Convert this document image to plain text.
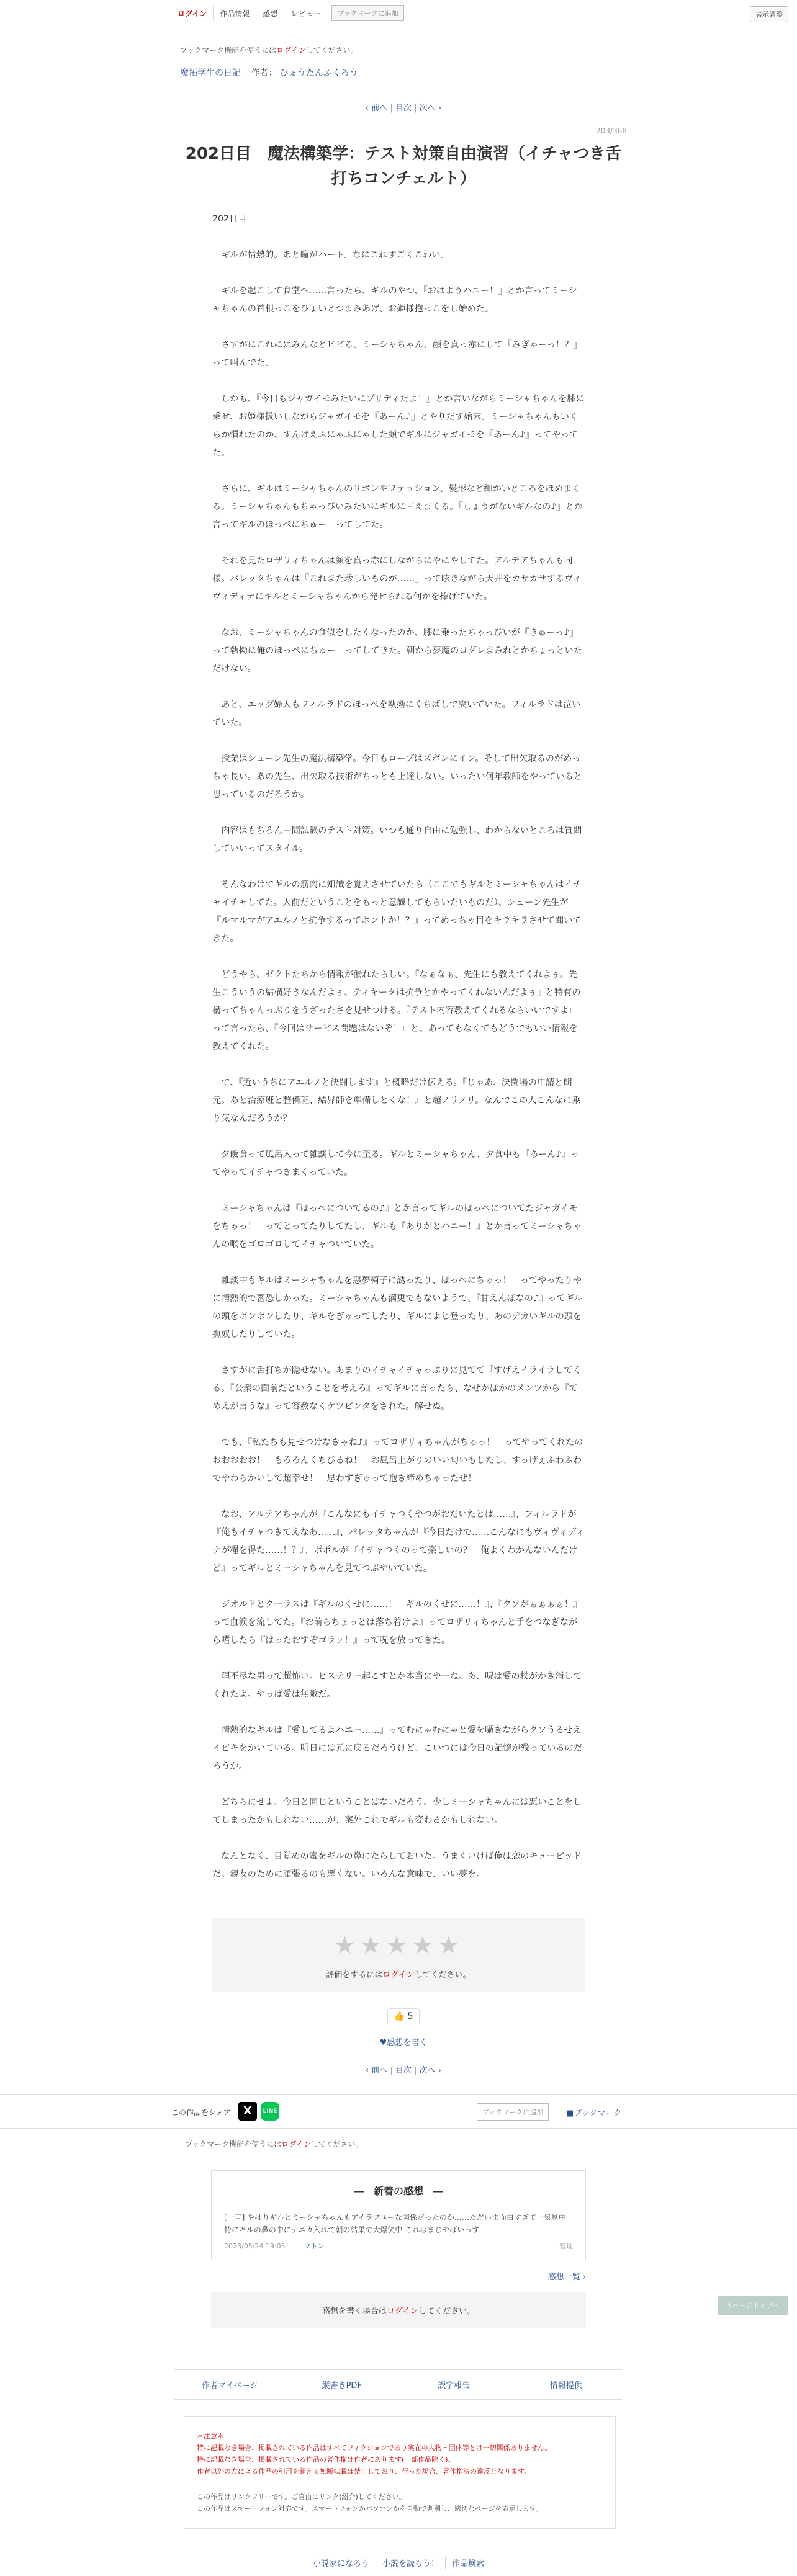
ログイン	作品情報	感想	レビュー	ブックマークに追加	表示調整
ブックマーク機能を使うにはログインしてください。
魔拓学生の日記 作者： ひょうたんふくろう
‹ 前へ | 目次 | 次へ ›
203/368
202日目　魔法構築学：テスト対策自由演習（イチャつき舌打ちコンチェルト）

202日目

　ギルが情熱的。あと瞳がハート。なにこれすごくこわい。

　ギルを起こして食堂へ……言ったら、ギルのやつ、『おはようハニー！』とか言ってミーシャちゃんの首根っこをひょいとつまみあげ、お姫様抱っこをし始めた。

　さすがにこれにはみんなどビビる。ミーシャちゃん、顔を真っ赤にして『みぎゃーっ！？』って叫んでた。

　しかも、『今日もジャガイモみたいにプリティだよ！』とか言いながらミーシャちゃんを膝に乗せ、お姫様扱いしながらジャガイモを『あーん♪』とやりだす始末。ミーシャちゃんもいくらか慣れたのか、すんげえふにゃふにゃした顔でギルにジャガイモを『あーん♪』ってやってた。

　さらに、ギルはミーシャちゃんのリボンやファッション、髪形など細かいところをほめまくる。ミーシャちゃんもちゃっぴいみたいにギルに甘えまくる。『しょうがないギルなの♪』とか言ってギルのほっぺにちゅー　ってしてた。

　それを見たロザリィちゃんは顔を真っ赤にしながらにやにやしてた。アルテアちゃんも同様。パレッタちゃんは『これまた珍しいものが……』って呟きながら天井をカサカサするヴィヴィディナにギルとミーシャちゃんから発せられる何かを捧げていた。

　なお、ミーシャちゃんの食似をしたくなったのか、膝に乗ったちゃっぴいが『きゅーっ♪』って執拗に俺のほっぺにちゅー　ってしてきた。朝から夢魔のヨダレまみれとかちょっといただけない。

　あと、エッグ婦人もフィルラドのほっぺを執拗にくちばしで突いていた。フィルラドは泣いていた。

　授業はシューン先生の魔法構築学。今日もローブはズボンにイン。そして出欠取るのがめっちゃ長い。あの先生、出欠取る技術がちっとも上達しない。いったい何年教師をやっていると思っているのだろうか。

　内容はもちろん中間試験のテスト対策。いつも通り自由に勉強し、わからないところは質問していいってスタイル。

　そんなわけでギルの筋肉に知識を覚えさせていたら（ここでもギルとミーシャちゃんはイチャイチャしてた。人前だということをもっと意識してもらいたいものだ）、シューン先生が『ルマルマがアエルノと抗争するってホントか！？』ってめっちゃ目をキラキラさせて聞いてきた。

　どうやら、ゼクトたちから情報が漏れたらしい。『なぁなぁ、先生にも教えてくれよぅ。先生こういうの結構好きなんだよぅ、ティキータは抗争とかやってくれないんだよぅ』と特有の構ってちゃんっぷりをうざったさを見せつける。『テスト内容教えてくれるならいいですよ』って言ったら、『今回はサービス問題はないぞ！』と、あってもなくてもどうでもいい情報を教えてくれた。

　で、『近いうちにアエルノと決闘します』と概略だけ伝える。『じゃあ、決闘場の申請と朗元。あと治療班と整備班、結界師を準備しとくな！』と超ノリノリ。なんでこの人こんなに乗り気なんだろうか？

　夕飯食って風呂入って雑談して今に至る。ギルとミーシャちゃん、夕食中も『あーん♪』ってやってイチャつきまくっていた。

　ミーシャちゃんは『ほっぺについてるの♪』とか言ってギルのほっぺについてたジャガイモをちゅっ！　ってとってたりしてたし、ギルも『ありがとハニー！』とか言ってミーシャちゃんの喉をゴロゴロしてイチャついていた。

　雑談中もギルはミーシャちゃんを悪夢椅子に誘ったり、ほっぺにちゅっ！　ってやったりやに情熱的で蕃恐しかった。ミーシャちゃんも満更でもないようで、『甘えんぼなの♪』ってギルの頭をポンポンしたり、ギルをぎゅってしたり、ギルによじ登ったり、あのデカいギルの頭を撫奴したりしていた。

　さすがに舌打ちが隠せない。あまりのイチャイチャっぷりに見てて『すげえイライラしてくる。『公衆の面前だということを考えろ』ってギルに言ったら、なぜかほかのメンツから『てめえが言うな』って容赦なくケツピンタをされた。解せぬ。

　でも、『私たちも見せつけなきゃね♪』ってロザリィちゃんがちゅっ！　ってやってくれたのおおおおお！　もろろんくちびるね！　お風呂上がりのいい匂いもしたし、すっげぇふわふわでやわらかいして超幸せ！　思わずぎゅって抱き締めちゃったぜ！

　なお、アルテアちゃんが『こんなにもイチャつくやつがおだいたとは……』、フィルラドが『俺もイチャつきてえなあ……』、パレッタちゃんが『今日だけで……こんなにもヴィヴィディナが糧を得た……！？』、ポポルが『イチャつくのって楽しいの？　俺よくわかんないんだけど』ってギルとミーシャちゃんを見てつぶやいていた。

　ジオルドとクーラスは『ギルのくせに……！　ギルのくせに……！』、『クソがぁぁぁぁ！』って血涙を流してた。『お前らちょっとは落ち着けよ』ってロザリィちゃんと手をつなぎながら嗜したら『はったおすぞゴラァ！』って呪を放ってきた。

　理不尽な男って超怖い。ヒステリー起こすとか本当にやーね。あ、呪は愛の杖がかき消してくれたよ。やっぱ愛は無敵だ。

　情熱的なギルは『愛してるよハニー……』ってむにゃむにゃと愛を囁きながらクソうるせえイビキをかいている。明日には元に戻るだろうけど、こいつには今日の記憶が残っているのだろうか。

　どちらにせよ、今日と同じということはないだろう。少しミーシャちゃんには悪いことをしてしまったかもしれない……が、案外これでギルも変わるかもしれない。

　なんとなく、目覚めの蜜をギルの鼻にたらしておいた。うまくいけば俺は恋のキューピッドだ。親友のために頑張るのも悪くない。いろんな意味で、いい夢を。

★★★★★
評価をするにはログインしてください。
👍 5
♥感想を書く
‹ 前へ | 目次 | 次へ ›
この作品をシェア	X	LINE	ブックマークに追加	■ブックマーク
ブックマーク機能を使うにはログインしてください。
―　新着の感想　―
[一言] やはりギルとミーシャちゃんもアイラブユーな関係だったのか……ただいま面白すぎて一気見中 特にギルの鼻の中にナニカ入れて朝の結果で大爆笑中 これはまじやばいっす
2023/05/24 19:05	マトン	管理
感想一覧 ›
感想を書く場合はログインしてください。
↑ページトップへ
作者マイページ	縦書きPDF	誤字報告	情報提供
＊注意＊
特に記載なき場合、掲載されている作品はすべてフィクションであり実在の人物・団体等とは一切関係ありません。
特に記載なき場合、掲載されている作品の著作権は作者にあります(一部作品除く)。
作者以外の方による作品の引用を超える無断転載は禁止しており、行った場合、著作権法の違反となります。
この作品はリンクフリーです。ご自由にリンク(紹介)してください。
この作品はスマートフォン対応です。スマートフォンかパソコンかを自動で判別し、適切なページを表示します。
小説家になろう	小説を読もう！	作品検索
